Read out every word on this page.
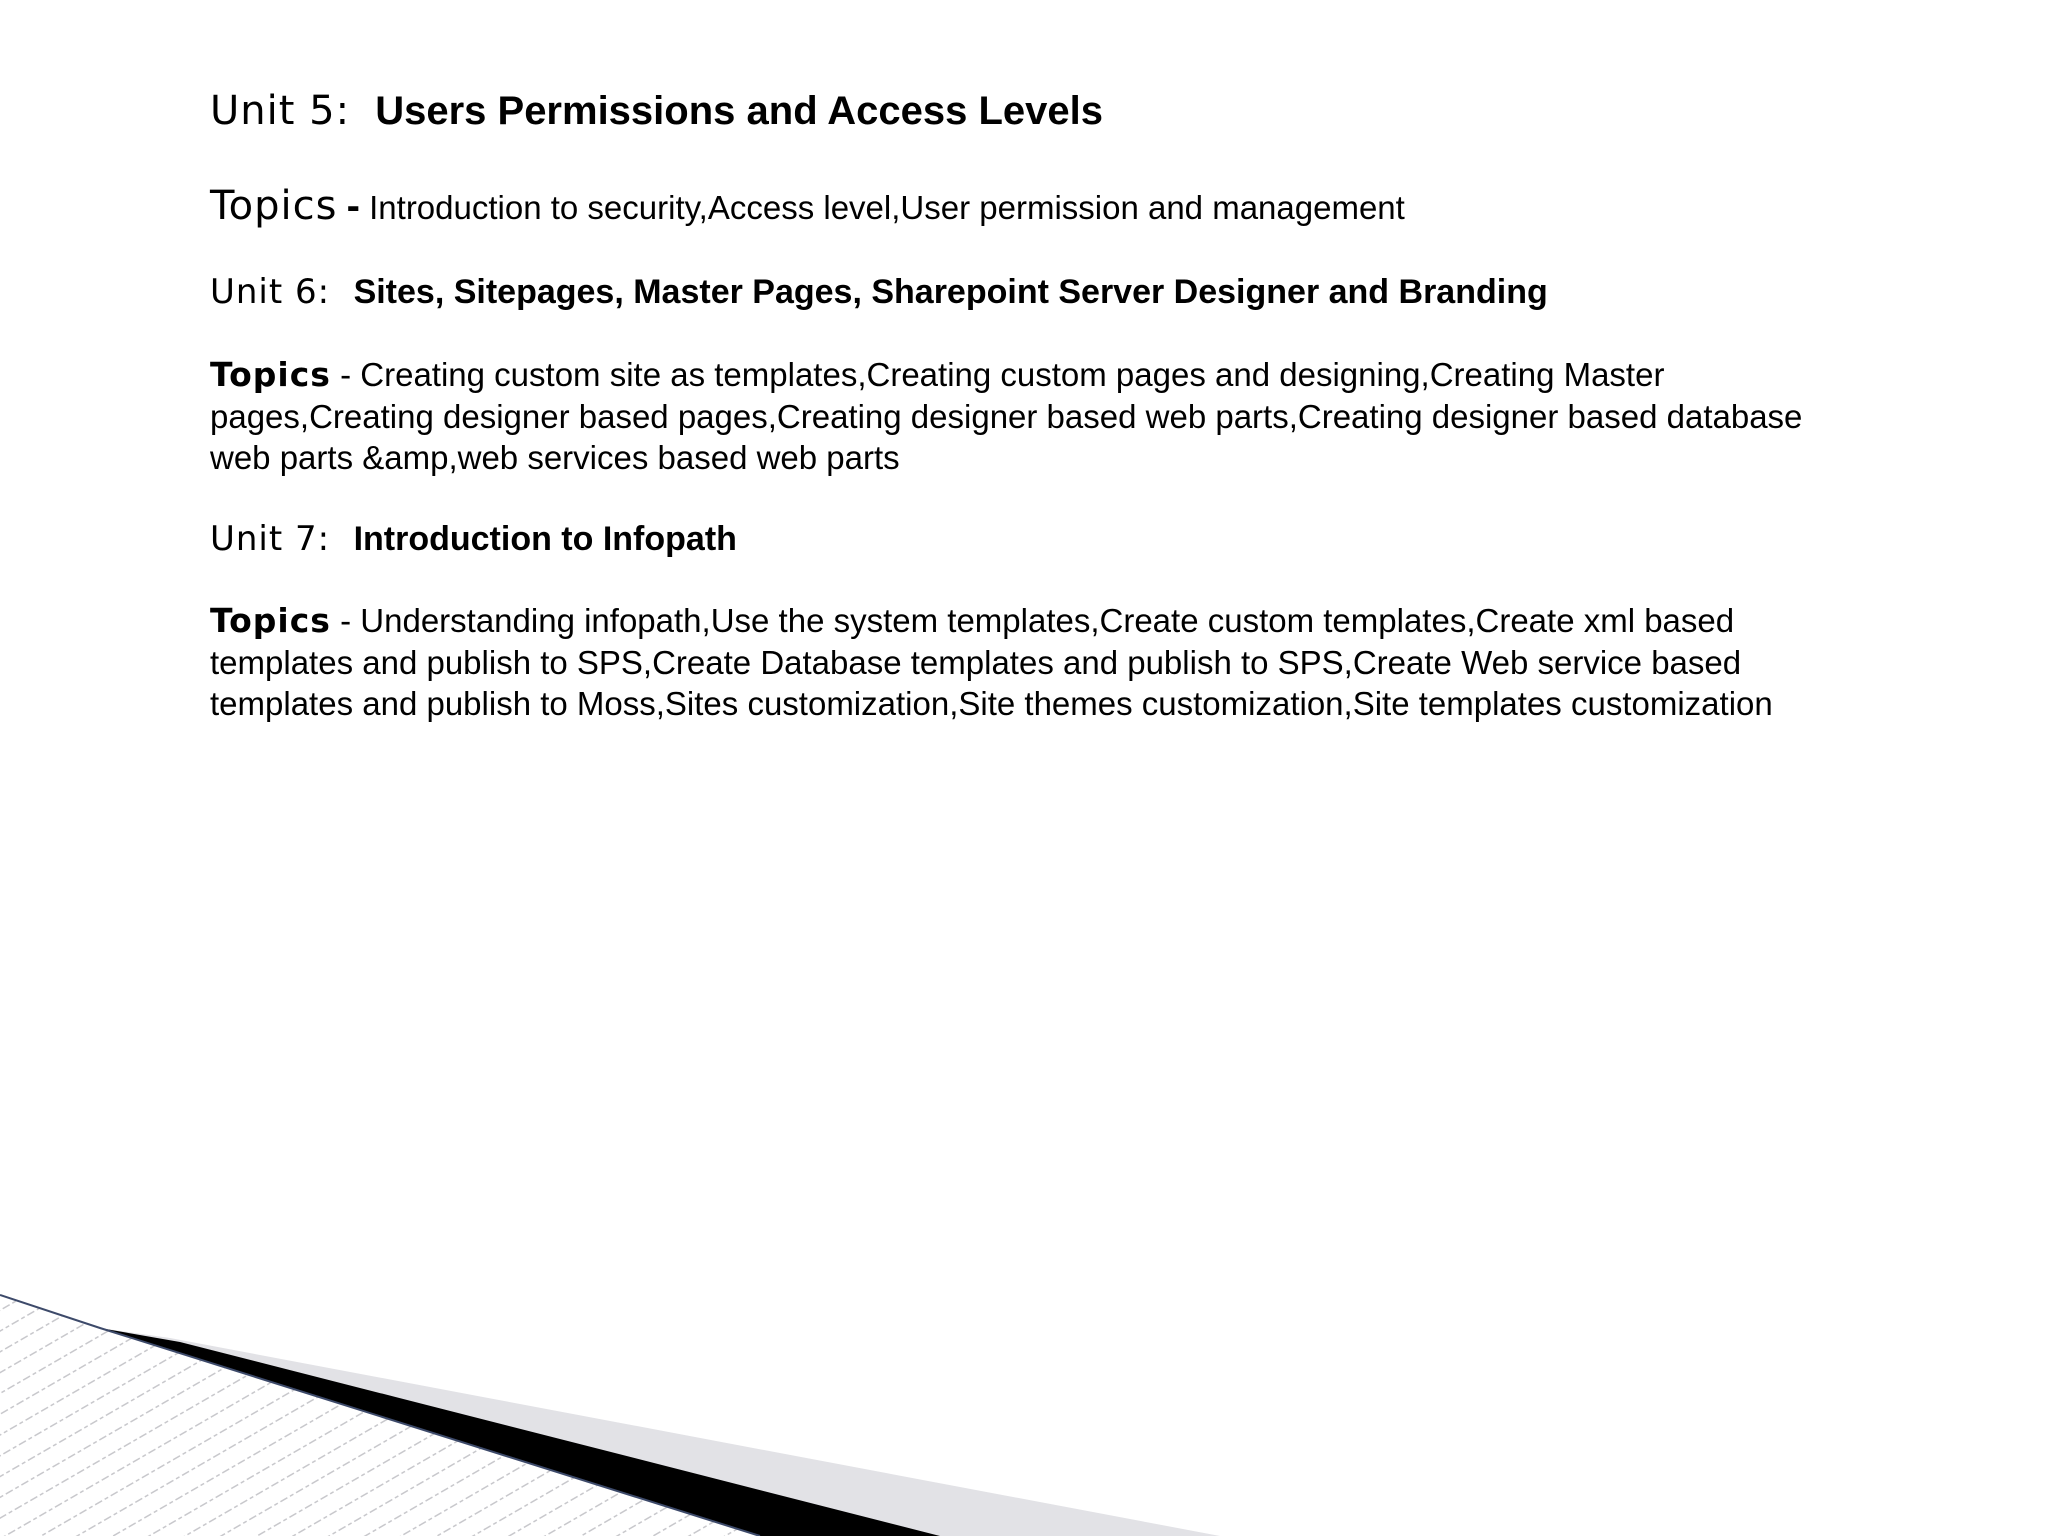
Unit 5: Users Permissions and Access Levels
Topics - Introduction to security,Access level,User permission and management
Unit 6: Sites, Sitepages, Master Pages, Sharepoint Server Designer and Branding
Topics - Creating custom site as templates,Creating custom pages and designing,Creating Master pages,Creating designer based pages,Creating designer based web parts,Creating designer based database web parts &amp,web services based web parts
Unit 7: Introduction to Infopath
Topics - Understanding infopath,Use the system templates,Create custom templates,Create xml based templates and publish to SPS,Create Database templates and publish to SPS,Create Web service based templates and publish to Moss,Sites customization,Site themes customization,Site templates customization
